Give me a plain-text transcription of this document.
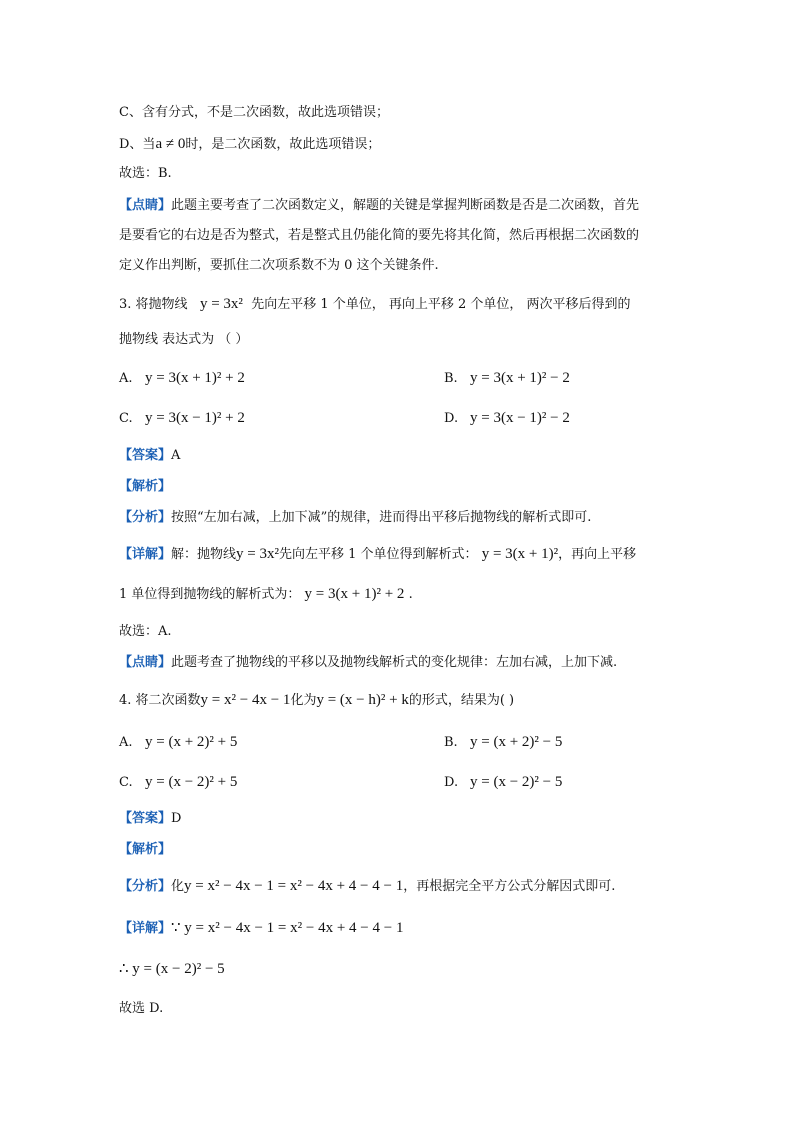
C、含有分式，不是二次函数，故此选项错误；
D、当a ≠ 0时，是二次函数，故此选项错误；
故选：B.
【点睛】此题主要考查了二次函数定义，解题的关键是掌握判断函数是否是二次函数，首先
是要看它的右边是否为整式，若是整式且仍能化简的要先将其化简，然后再根据二次函数的
定义作出判断，要抓住二次项系数不为 0 这个关键条件.
3. 将抛物线 y = 3x² 先向左平移 1 个单位， 再向上平移 2 个单位， 两次平移后得到的
抛物线 表达式为 （ ）
A. y = 3(x + 1)² + 2	B. y = 3(x + 1)² − 2
C. y = 3(x − 1)² + 2	D. y = 3(x − 1)² − 2
【答案】A
【解析】
【分析】按照“左加右减，上加下减”的规律，进而得出平移后抛物线的解析式即可.
【详解】解：抛物线y = 3x²先向左平移 1 个单位得到解析式： y = 3(x + 1)²，再向上平移
1 单位得到抛物线的解析式为： y = 3(x + 1)² + 2 .
故选：A.
【点睛】此题考查了抛物线的平移以及抛物线解析式的变化规律：左加右减，上加下减.
4. 将二次函数y = x² − 4x − 1化为y = (x − h)² + k的形式，结果为( )
A. y = (x + 2)² + 5	B. y = (x + 2)² − 5
C. y = (x − 2)² + 5	D. y = (x − 2)² − 5
【答案】D
【解析】
【分析】化y = x² − 4x − 1 = x² − 4x + 4 − 4 − 1，再根据完全平方公式分解因式即可.
【详解】∵ y = x² − 4x − 1 = x² − 4x + 4 − 4 − 1
∴ y = (x − 2)² − 5
故选 D.
